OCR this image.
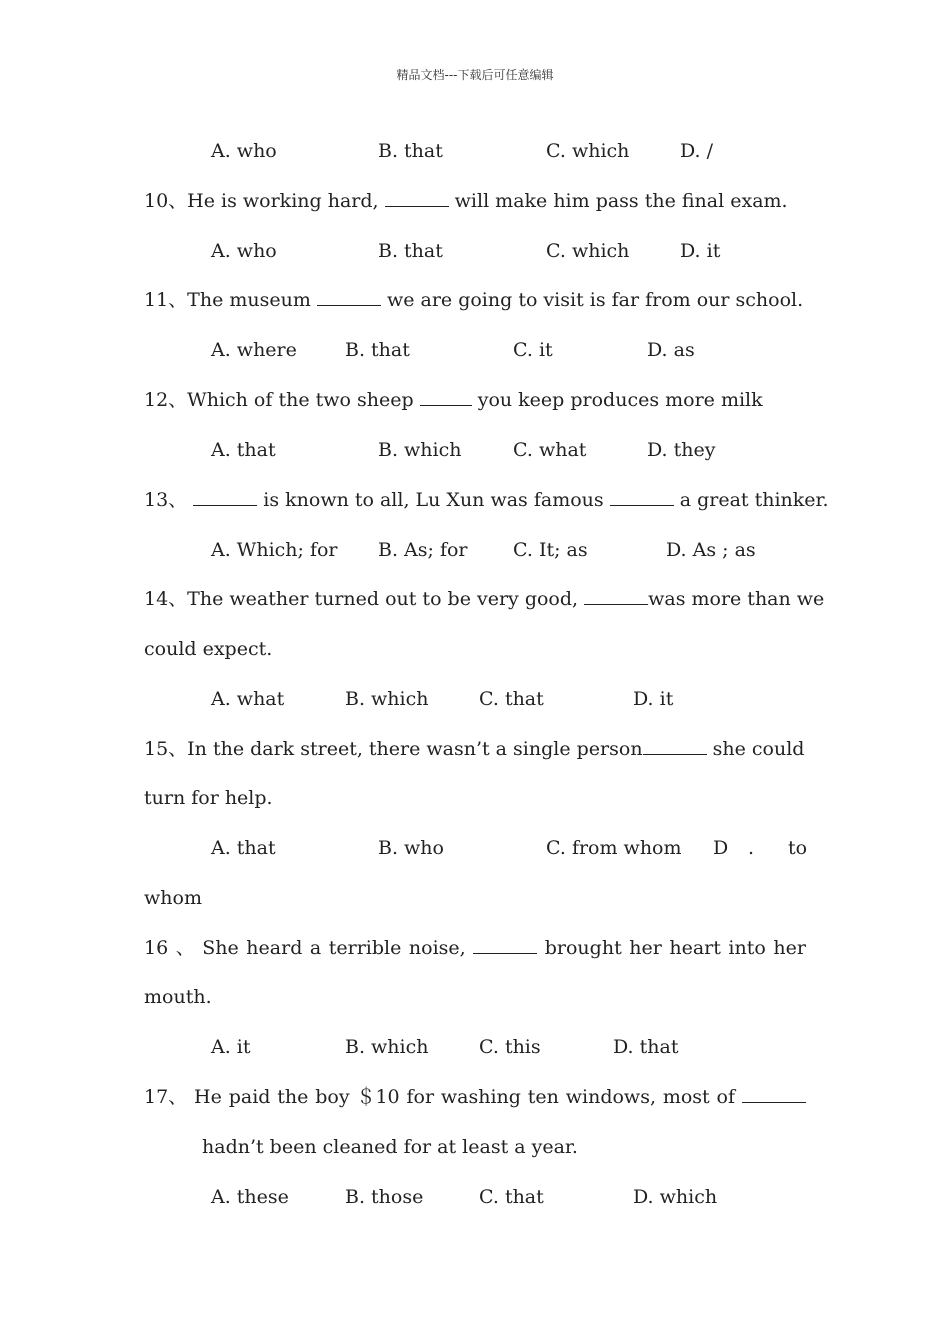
精品文档---下载后可任意编辑
A. who	B. that	C. which	D. /
10、He is working hard,	will make him pass the final exam.
A. who	B. that	C. which	D. it
11、The museum	we are going to visit is far from our school.
A. where	B. that	C. it	D. as
12、Which of the two sheep	you keep produces more milk
A. that	B. which	C. what	D. they
13、	is known to all, Lu Xun was famous	a great thinker.
A. Which; for B. As; for C. It; as	D. As ; as
14、The weather turned out to be very good,	was more than we
could expect.
A. what	B. which	C. that	D. it
15、In the dark street, there wasn’t a single person	she could
turn for help.
A. that	B. who	C. from whom D . to
whom
16 、 She heard a terrible noise,	brought her heart into her
mouth.
A. it	B. which	C. this	D. that
17、 He paid the boy ＄10 for washing ten windows, most of
hadn’t been cleaned for at least a year.
A. these	B. those	C. that	D. which
